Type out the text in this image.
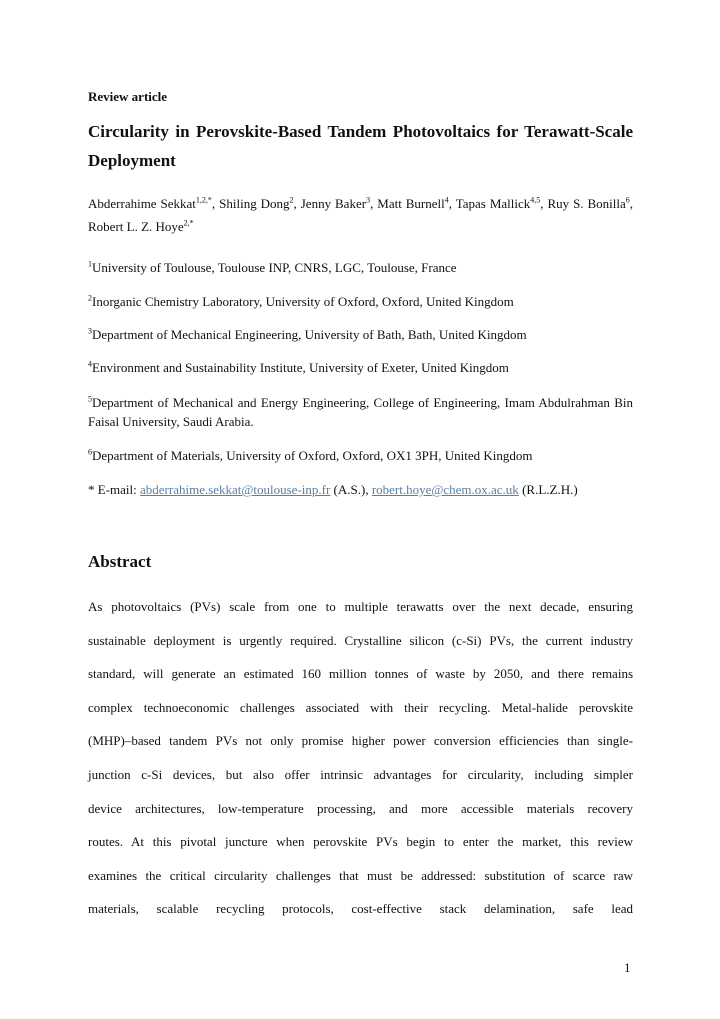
Review article
Circularity in Perovskite-Based Tandem Photovoltaics for Terawatt-Scale Deployment
Abderrahime Sekkat$^{1,2,*}$, Shiling Dong$^2$, Jenny Baker$^3$, Matt Burnell$^4$, Tapas Mallick$^{4,5}$, Ruy S. Bonilla$^6$, Robert L. Z. Hoye$^{2,*}$
$^1$University of Toulouse, Toulouse INP, CNRS, LGC, Toulouse, France
$^2$Inorganic Chemistry Laboratory, University of Oxford, Oxford, United Kingdom
$^3$Department of Mechanical Engineering, University of Bath, Bath, United Kingdom
$^4$Environment and Sustainability Institute, University of Exeter, United Kingdom
$^5$Department of Mechanical and Energy Engineering, College of Engineering, Imam Abdulrahman Bin Faisal University, Saudi Arabia.
$^6$Department of Materials, University of Oxford, Oxford, OX1 3PH, United Kingdom
* E-mail: abderrahime.sekkat@toulouse-inp.fr (A.S.), robert.hoye@chem.ox.ac.uk (R.L.Z.H.)
Abstract
As photovoltaics (PVs) scale from one to multiple terawatts over the next decade, ensuring
sustainable deployment is urgently required. Crystalline silicon (c-Si) PVs, the current industry
standard, will generate an estimated 160 million tonnes of waste by 2050, and there remains
complex technoeconomic challenges associated with their recycling. Metal-halide perovskite
(MHP)–based tandem PVs not only promise higher power conversion efficiencies than single-
junction c-Si devices, but also offer intrinsic advantages for circularity, including simpler
device architectures, low-temperature processing, and more accessible materials recovery
routes. At this pivotal juncture when perovskite PVs begin to enter the market, this review
examines the critical circularity challenges that must be addressed: substitution of scarce raw
materials, scalable recycling protocols, cost-effective stack delamination, safe lead
1
